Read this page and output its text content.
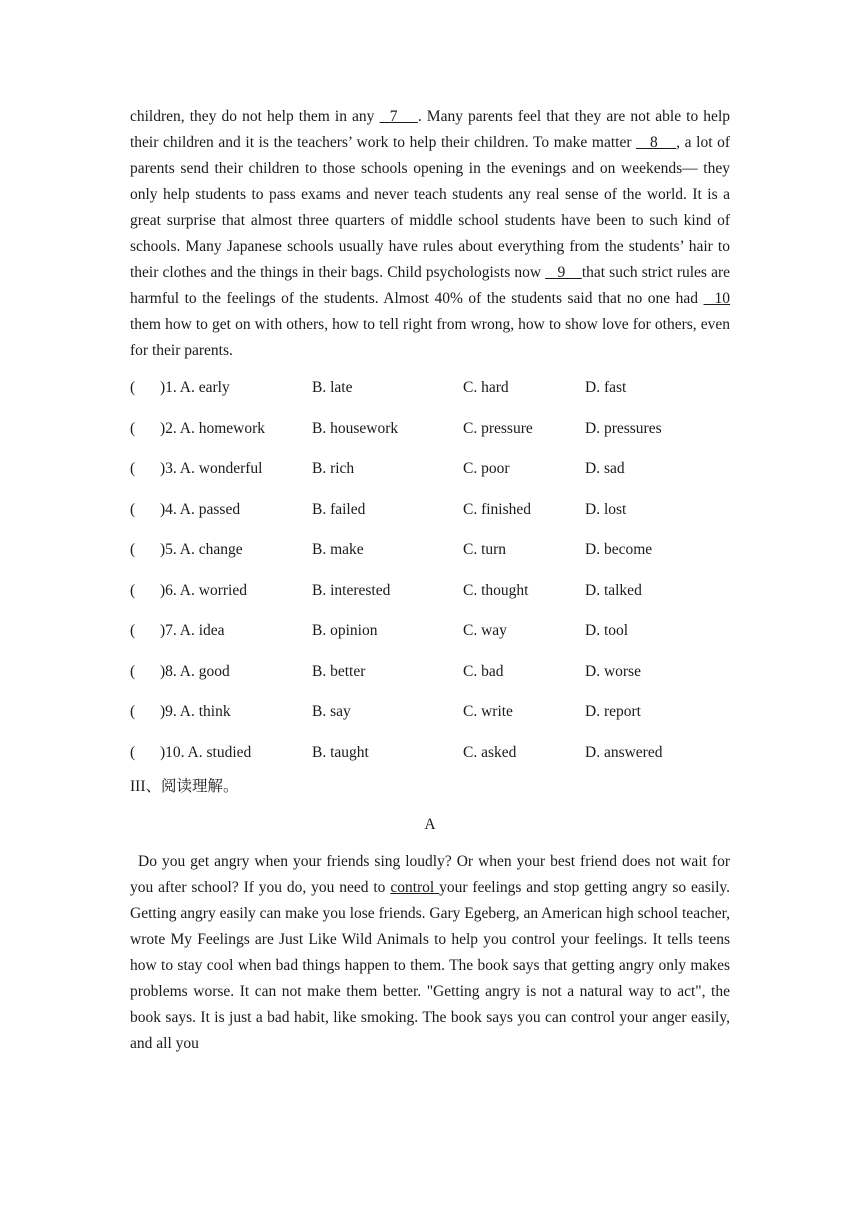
children, they do not help them in any   7    . Many parents feel that they are not able to help their children and it is the teachers’ work to help their children. To make matter    8    , a lot of parents send their children to those schools opening in the evenings and on weekends— they only help students to pass exams and never teach students any real sense of the world. It is a great surprise that almost three quarters of middle school students have been to such kind of schools. Many Japanese schools usually have rules about everything from the students’ hair to their clothes and the things in their bags. Child psychologists now    9    that such strict rules are harmful to the feelings of the students. Almost 40% of the students said that no one had   10 them how to get on with others, how to tell right from wrong, how to show love for others, even for their parents.

( )1. A. early	B. late	C. hard	D. fast
( )2. A. homework	B. housework	C. pressure	D. pressures
( )3. A. wonderful	B. rich	C. poor	D. sad
( )4. A. passed	B. failed	C. finished	D. lost
( )5. A. change	B. make	C. turn	D. become
( )6. A. worried	B. interested	C. thought	D. talked
( )7. A. idea	B. opinion	C. way	D. tool
( )8. A. good	B. better	C. bad	D. worse
( )9. A. think	B. say	C. write	D. report
( )10. A. studied	B. taught	C. asked	D. answered
III、阅读理解。
A

Do you get angry when your friends sing loudly? Or when your best friend does not wait for you after school? If you do, you need to control your feelings and stop getting angry so easily. Getting angry easily can make you lose friends. Gary Egeberg, an American high school teacher, wrote My Feelings are Just Like Wild Animals to help you control your feelings. It tells teens how to stay cool when bad things happen to them. The book says that getting angry only makes problems worse. It can not make them better. "Getting angry is not a natural way to act", the book says. It is just a bad habit, like smoking. The book says you can control your anger easily, and all you
